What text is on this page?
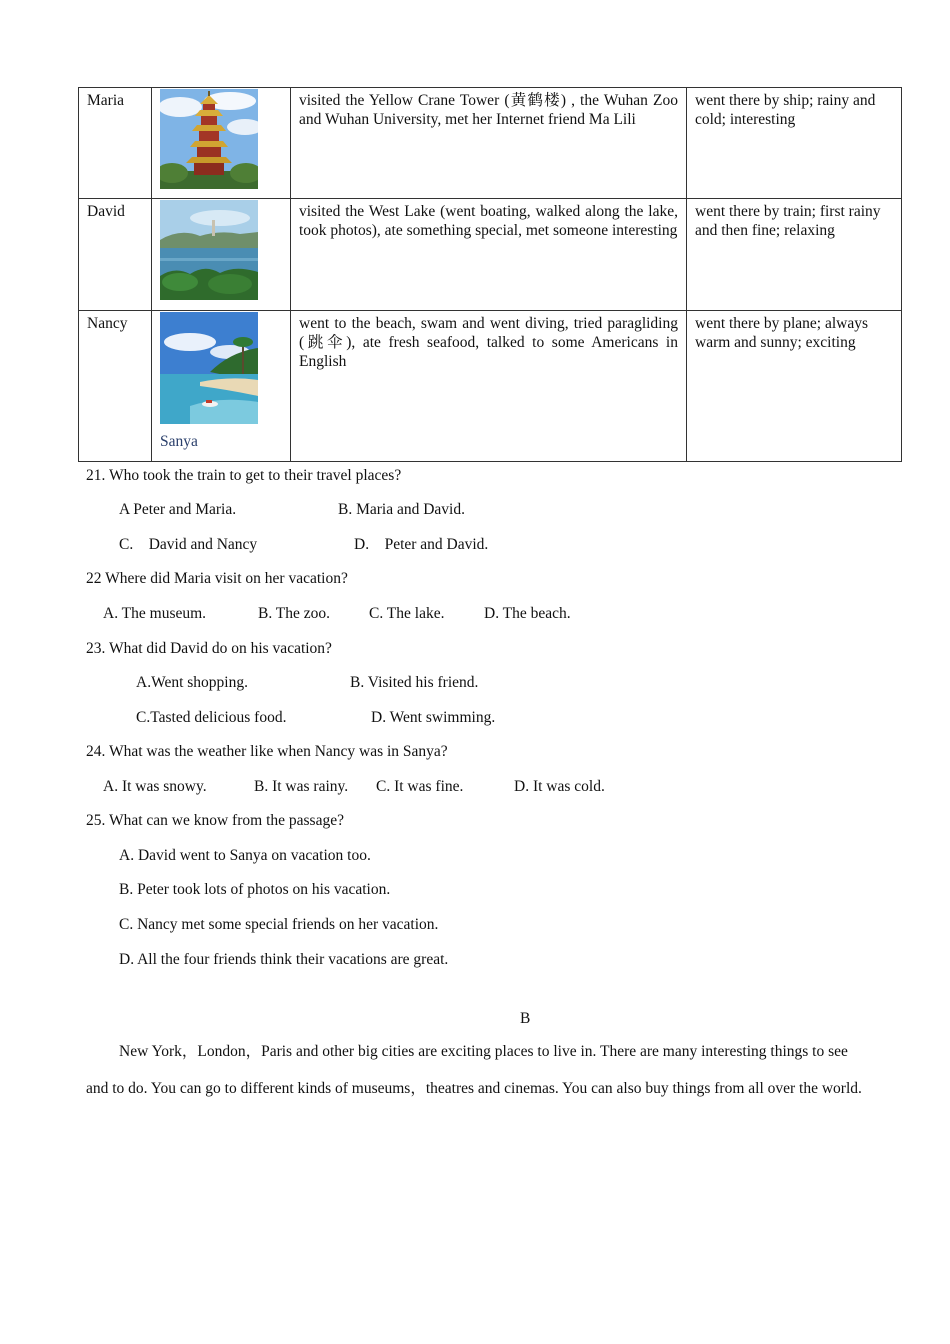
Maria		visited the Yellow Crane Tower (黄鹤楼) , the Wuhan Zoo and Wuhan University, met her Internet friend Ma Lili	went there by ship; rainy and cold; interesting
David		visited the West Lake (went boating, walked along the lake, took photos), ate something special, met someone interesting	went there by train; first rainy and then fine; relaxing
Nancy	Sanya	went to the beach, swam and went diving, tried paragliding (跳伞), ate fresh seafood, talked to some Americans in English	went there by plane; always warm and sunny; exciting
21. Who took the train to get to their travel places?
A Peter and Maria.	B. Maria and David.
C.    David and Nancy	D.    Peter and David.
22 Where did Maria visit on her vacation?
A. The museum.	B. The zoo.	C. The lake.	D. The beach.
23. What did David do on his vacation?
A.Went shopping.	B. Visited his friend.
C.Tasted delicious food.	D. Went swimming.
24. What was the weather like when Nancy was in Sanya?
A. It was snowy.	B. It was rainy. C. It was fine.	D. It was cold.
25. What can we know from the passage?
A. David went to Sanya on vacation too.
B. Peter took lots of photos on his vacation.
C. Nancy met some special friends on her vacation.
D. All the four friends think their vacations are great.
B
New York，London，Paris and other big cities are exciting places to live in. There are many interesting things to see and to do. You can go to different kinds of museums，theatres and cinemas. You can also buy things from all over the world.
